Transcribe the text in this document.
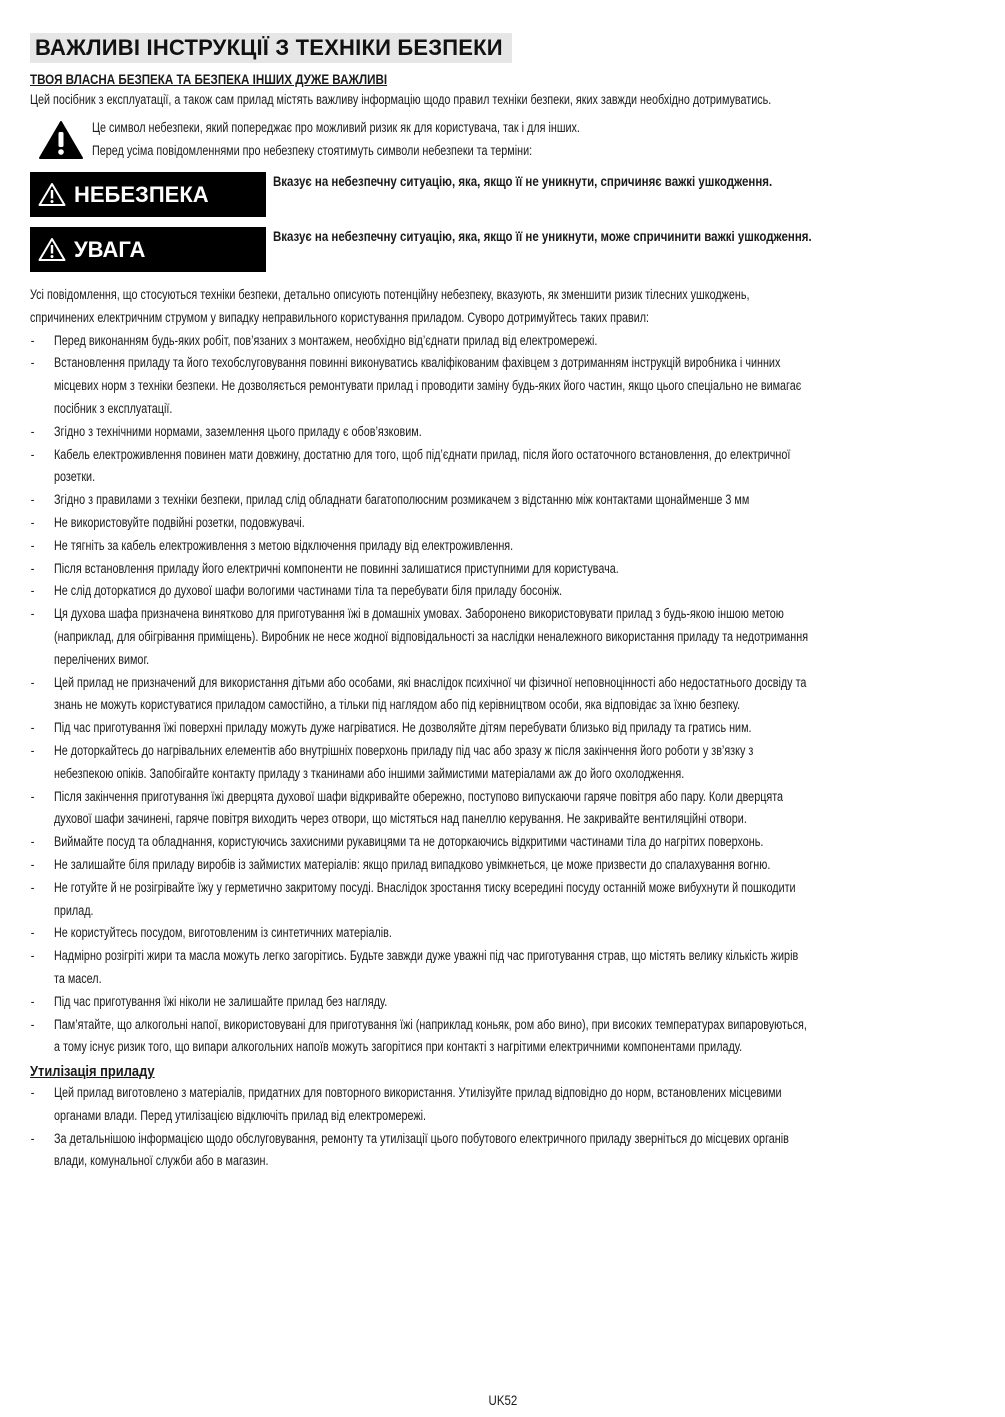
ВАЖЛИВІ ІНСТРУКЦІЇ З ТЕХНІКИ БЕЗПЕКИ
ТВОЯ ВЛАСНА БЕЗПЕКА ТА БЕЗПЕКА ІНШИХ ДУЖЕ ВАЖЛИВІ
Цей посібник з експлуатації, а також сам прилад містять важливу інформацію щодо правил техніки безпеки, яких завжди необхідно дотримуватись.
Це символ небезпеки, який попереджає про можливий ризик як для користувача, так і для інших.
Перед усіма повідомленнями про небезпеку стоятимуть символи небезпеки та терміни:
НЕБЕЗПЕКА
Вказує на небезпечну ситуацію, яка, якщо її не уникнути, спричиняє важкі ушкодження.
УВАГА
Вказує на небезпечну ситуацію, яка, якщо її не уникнути, може спричинити важкі ушкодження.
Усі повідомлення, що стосуються техніки безпеки, детально описують потенційну небезпеку, вказують, як зменшити ризик тілесних ушкоджень,
спричинених електричним струмом у випадку неправильного користування приладом. Суворо дотримуйтесь таких правил:
- Перед виконанням будь-яких робіт, пов’язаних з монтажем, необхідно від’єднати прилад від електромережі.
- Встановлення приладу та його техобслуговування повинні виконуватись кваліфікованим фахівцем з дотриманням інструкцій виробника і чинних
місцевих норм з техніки безпеки. Не дозволяється ремонтувати прилад і проводити заміну будь-яких його частин, якщо цього спеціально не вимагає
посібник з експлуатації.
- Згідно з технічними нормами, заземлення цього приладу є обов’язковим.
- Кабель електроживлення повинен мати довжину, достатню для того, щоб під’єднати прилад, після його остаточного встановлення, до електричної
розетки.
- Згідно з правилами з техніки безпеки, прилад слід обладнати багатополюсним розмикачем з відстанню між контактами щонайменше 3 мм
- Не використовуйте подвійні розетки, подовжувачі.
- Не тягніть за кабель електроживлення з метою відключення приладу від електроживлення.
- Після встановлення приладу його електричні компоненти не повинні залишатися приступними для користувача.
- Не слід доторкатися до духової шафи вологими частинами тіла та перебувати біля приладу босоніж.
- Ця духова шафа призначена винятково для приготування їжі в домашніх умовах. Заборонено використовувати прилад з будь-якою іншою метою
(наприклад, для обігрівання приміщень). Виробник не несе жодної відповідальності за наслідки неналежного використання приладу та недотримання
перелічених вимог.
- Цей прилад не призначений для використання дітьми або особами, які внаслідок психічної чи фізичної неповноцінності або недостатнього досвіду та
знань не можуть користуватися приладом самостійно, а тільки під наглядом або під керівництвом особи, яка відповідає за їхню безпеку.
- Під час приготування їжі поверхні приладу можуть дуже нагріватися. Не дозволяйте дітям перебувати близько від приладу та гратись ним.
- Не доторкайтесь до нагрівальних елементів або внутрішніх поверхонь приладу під час або зразу ж після закінчення його роботи у зв’язку з
небезпекою опіків. Запобігайте контакту приладу з тканинами або іншими займистими матеріалами аж до його охолодження.
- Після закінчення приготування їжі дверцята духової шафи відкривайте обережно, поступово випускаючи гаряче повітря або пару. Коли дверцята
духової шафи зачинені, гаряче повітря виходить через отвори, що містяться над панеллю керування. Не закривайте вентиляційні отвори.
- Виймайте посуд та обладнання, користуючись захисними рукавицями та не доторкаючись відкритими частинами тіла до нагрітих поверхонь.
- Не залишайте біля приладу виробів із займистих матеріалів: якщо прилад випадково увімкнеться, це може призвести до спалахування вогню.
- Не готуйте й не розігрівайте їжу у герметично закритому посуді. Внаслідок зростання тиску всередині посуду останній може вибухнути й пошкодити
прилад.
- Не користуйтесь посудом, виготовленим із синтетичних матеріалів.
- Надмірно розігріті жири та масла можуть легко загорітись. Будьте завжди дуже уважні під час приготування страв, що містять велику кількість жирів
та масел.
- Під час приготування їжі ніколи не залишайте прилад без нагляду.
- Пам’ятайте, що алкогольні напої, використовувані для приготування їжі (наприклад коньяк, ром або вино), при високих температурах випаровуються,
а тому існує ризик того, що випари алкогольних напоїв можуть загорітися при контакті з нагрітими електричними компонентами приладу.
Утилізація приладу
- Цей прилад виготовлено з матеріалів, придатних для повторного використання. Утилізуйте прилад відповідно до норм, встановлених місцевими
органами влади. Перед утилізацією відключіть прилад від електромережі.
- За детальнішою інформацією щодо обслуговування, ремонту та утилізації цього побутового електричного приладу зверніться до місцевих органів
влади, комунальної служби або в магазин.
UK52
